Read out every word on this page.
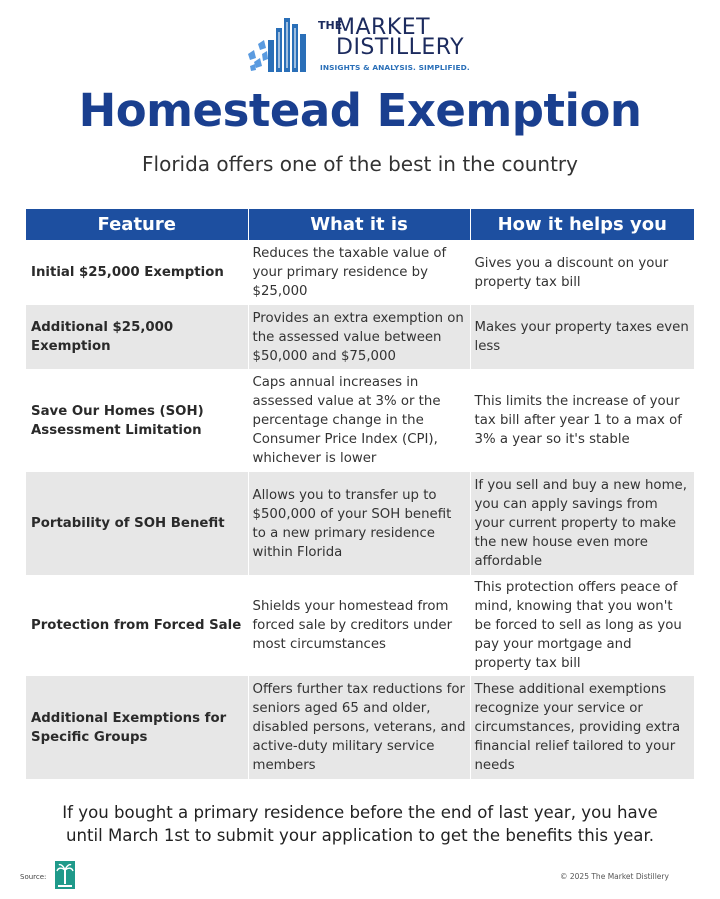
THE
MARKET
DISTILLERY
INSIGHTS & ANALYSIS. SIMPLIFIED.
Homestead Exemption
Florida offers one of the best in the country
Feature	What it is	How it helps you
Initial $25,000 Exemption	Reduces the taxable value of your primary residence by $25,000	Gives you a discount on your property tax bill
Additional $25,000 Exemption	Provides an extra exemption on the assessed value between $50,000 and $75,000	Makes your property taxes even less
Save Our Homes (SOH) Assessment Limitation	Caps annual increases in assessed value at 3% or the percentage change in the Consumer Price Index (CPI), whichever is lower	This limits the increase of your tax bill after year 1 to a max of 3% a year so it's stable
Portability of SOH Benefit	Allows you to transfer up to $500,000 of your SOH benefit to a new primary residence within Florida	If you sell and buy a new home, you can apply savings from your current property to make the new house even more affordable
Protection from Forced Sale	Shields your homestead from forced sale by creditors under most circumstances	This protection offers peace of mind, knowing that you won't be forced to sell as long as you pay your mortgage and property tax bill
Additional Exemptions for Specific Groups	Offers further tax reductions for seniors aged 65 and older, disabled persons, veterans, and active-duty military service members	These additional exemptions recognize your service or circumstances, providing extra financial relief tailored to your needs
If you bought a primary residence before the end of last year, you have
until March 1st to submit your application to get the benefits this year.
Source:	© 2025 The Market Distillery
